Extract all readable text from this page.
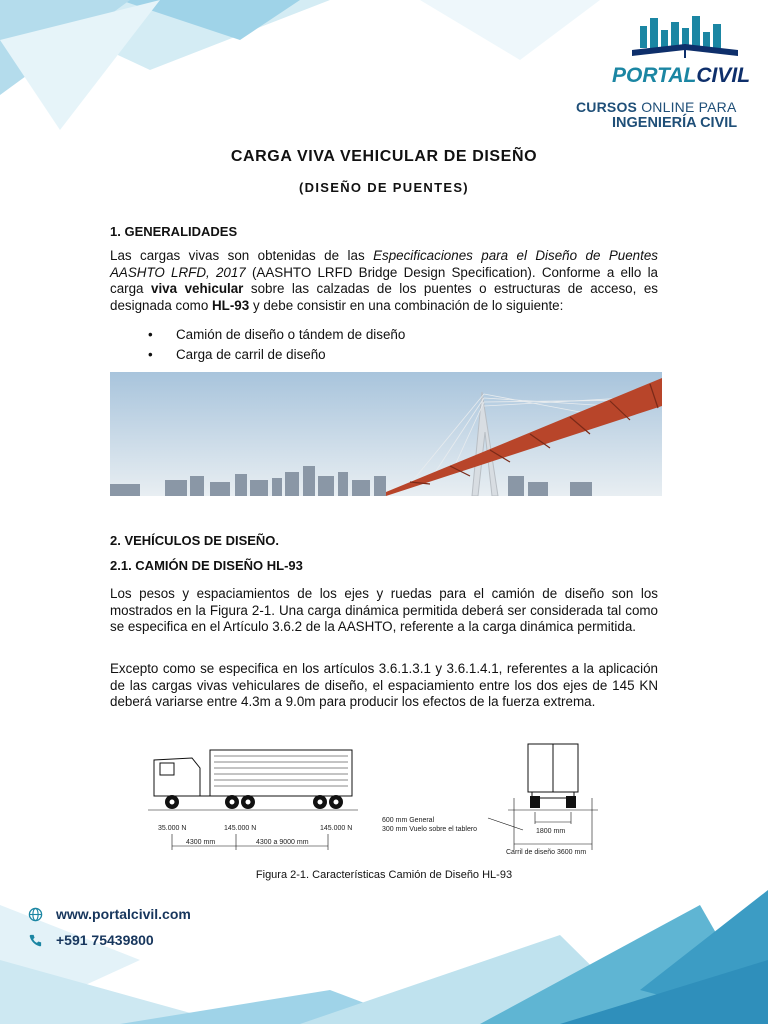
PORTALCIVIL
CURSOS ONLINE PARA
INGENIERÍA CIVIL
CARGA VIVA VEHICULAR DE DISEÑO
(DISEÑO DE PUENTES)
1. GENERALIDADES

Las cargas vivas son obtenidas de las Especificaciones para el Diseño de Puentes AASHTO LRFD, 2017 (AASHTO LRFD Bridge Design Specification). Conforme a ello la carga viva vehicular sobre las calzadas de los puentes o estructuras de acceso, es designada como HL-93 y debe consistir en una combinación de lo siguiente:

• Camión de diseño o tándem de diseño
• Carga de carril de diseño
2. VEHÍCULOS DE DISEÑO.
2.1. CAMIÓN DE DISEÑO HL-93

Los pesos y espaciamientos de los ejes y ruedas para el camión de diseño son los mostrados en la Figura 2-1. Una carga dinámica permitida deberá ser considerada tal como se especifica en el Artículo 3.6.2 de la AASHTO, referente a la carga dinámica permitida.

Excepto como se especifica en los artículos 3.6.1.3.1 y 3.6.1.4.1, referentes a la aplicación de las cargas vivas vehiculares de diseño, el espaciamiento entre los dos ejes de 145 KN deberá variarse entre 4.3m a 9.0m para producir los efectos de la fuerza extrema.

35.000 N	145.000 N	145.000 N
4300 mm	4300 a 9000 mm
600 mm General
300 mm Vuelo sobre el tablero	1800 mm
Carril de diseño 3600 mm
Figura 2-1. Características Camión de Diseño HL-93
www.portalcivil.com
+591 75439800
